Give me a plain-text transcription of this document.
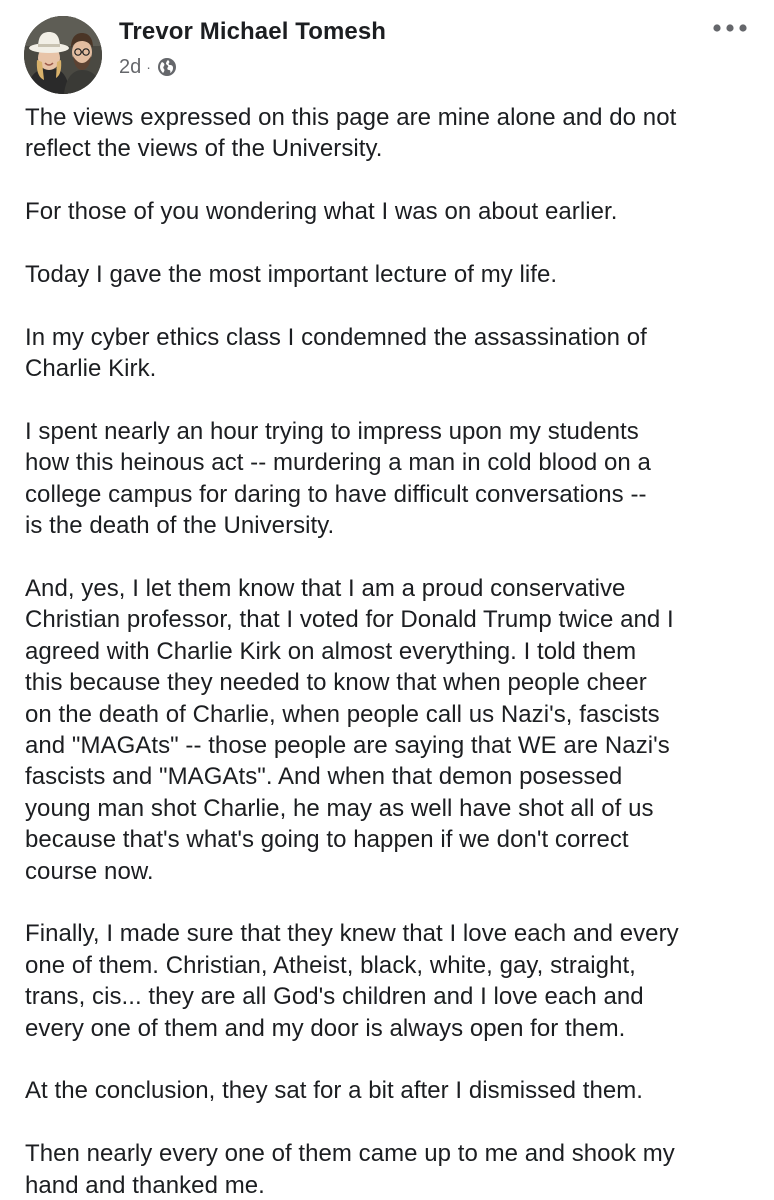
Trevor Michael Tomesh
2d ·

The views expressed on this page are mine alone and do not
reflect the views of the University.

For those of you wondering what I was on about earlier.

Today I gave the most important lecture of my life.

In my cyber ethics class I condemned the assassination of
Charlie Kirk.

I spent nearly an hour trying to impress upon my students
how this heinous act -- murdering a man in cold blood on a
college campus for daring to have difficult conversations --
is the death of the University.

And, yes, I let them know that I am a proud conservative
Christian professor, that I voted for Donald Trump twice and I
agreed with Charlie Kirk on almost everything. I told them
this because they needed to know that when people cheer
on the death of Charlie, when people call us Nazi's, fascists
and "MAGAts" -- those people are saying that WE are Nazi's
fascists and "MAGAts". And when that demon posessed
young man shot Charlie, he may as well have shot all of us
because that's what's going to happen if we don't correct
course now.

Finally, I made sure that they knew that I love each and every
one of them. Christian, Atheist, black, white, gay, straight,
trans, cis... they are all God's children and I love each and
every one of them and my door is always open for them.

At the conclusion, they sat for a bit after I dismissed them.

Then nearly every one of them came up to me and shook my
hand and thanked me.
